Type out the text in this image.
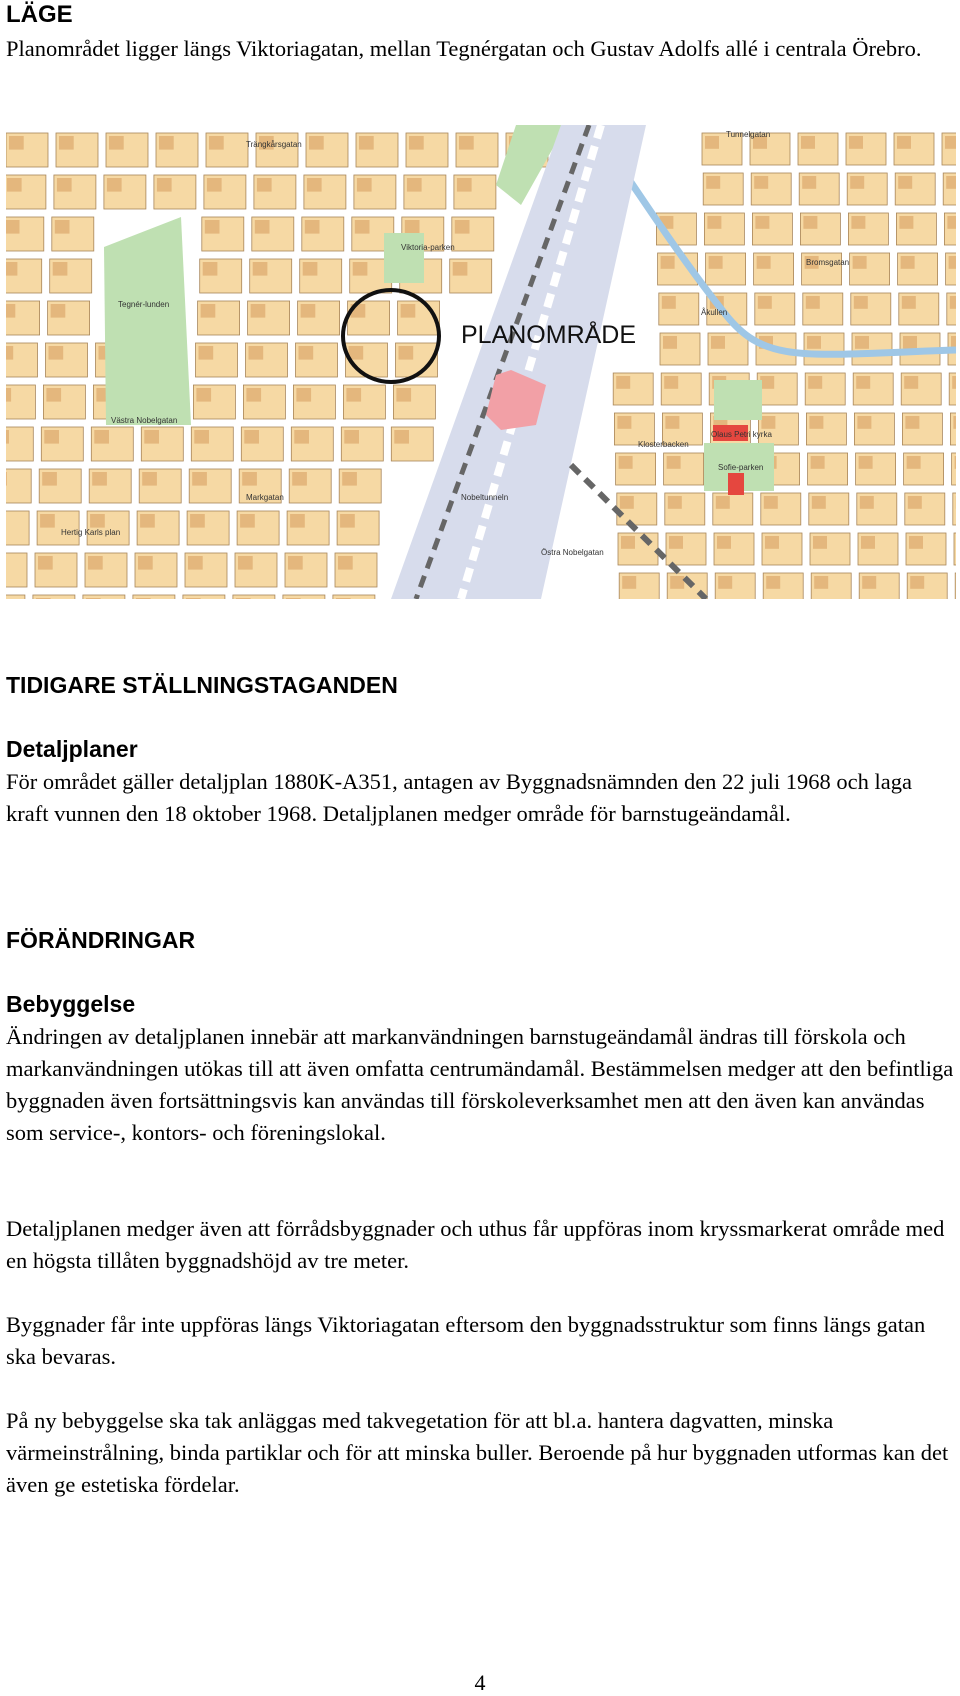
LÄGE

Planområdet ligger längs Viktoriagatan, mellan Tegnérgatan och Gustav Adolfs allé i centrala Örebro.

PLANOMRÅDE
Trängkårsgatan
Tegnér-lunden
Västra Nobelgatan
Markgatan	Nobeltunneln
Östra Nobelgatan
Olaus Petri kyrka
Sofie-parken
Åkullen
Bromsgatan
Viktoria-parken
Tunnelgatan
Hertig Karls plan
Klosterbacken
TIDIGARE STÄLLNINGSTAGANDEN
Detaljplaner

För området gäller detaljplan 1880K-A351, antagen av Byggnadsnämnden den 22 juli 1968 och laga kraft vunnen den 18 oktober 1968. Detaljplanen medger område för barnstugeändamål.

FÖRÄNDRINGAR
Bebyggelse

Ändringen av detaljplanen innebär att markanvändningen barnstugeändamål ändras till förskola och markanvändningen utökas till att även omfatta centrumändamål. Bestämmelsen medger att den befintliga byggnaden även fortsättningsvis kan användas till förskoleverksamhet men att den även kan användas som service-, kontors- och föreningslokal.

Detaljplanen medger även att förrådsbyggnader och uthus får uppföras inom kryssmarkerat område med en högsta tillåten byggnadshöjd av tre meter.

Byggnader får inte uppföras längs Viktoriagatan eftersom den byggnadsstruktur som finns längs gatan ska bevaras.

På ny bebyggelse ska tak anläggas med takvegetation för att bl.a. hantera dagvatten, minska värmeinstrålning, binda partiklar och för att minska buller. Beroende på hur byggnaden utformas kan det även ge estetiska fördelar.

4
